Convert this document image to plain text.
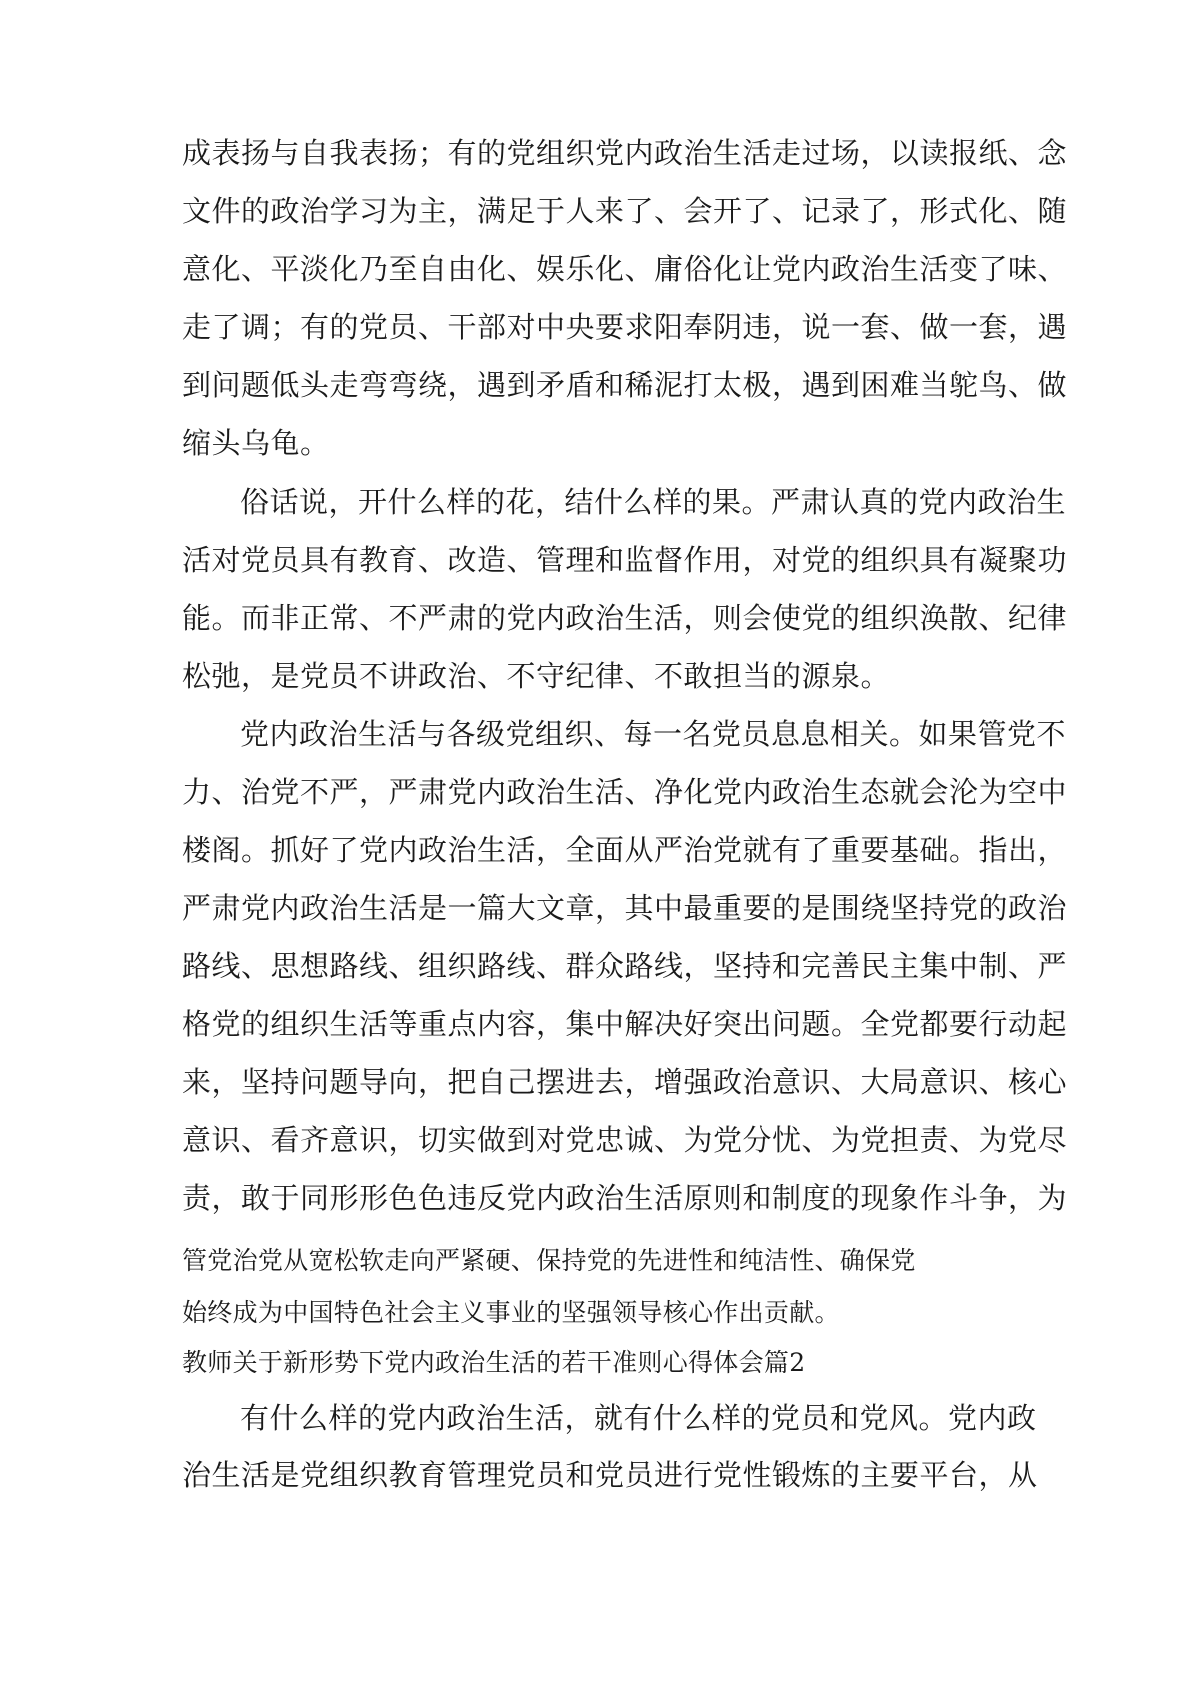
成表扬与自我表扬；有的党组织党内政治生活走过场，以读报纸、念

文件的政治学习为主，满足于人来了、会开了、记录了，形式化、随

意化、平淡化乃至自由化、娱乐化、庸俗化让党内政治生活变了味、

走了调；有的党员、干部对中央要求阳奉阴违，说一套、做一套，遇

到问题低头走弯弯绕，遇到矛盾和稀泥打太极，遇到困难当鸵鸟、做

缩头乌龟。

俗话说，开什么样的花，结什么样的果。严肃认真的党内政治生

活对党员具有教育、改造、管理和监督作用，对党的组织具有凝聚功

能。而非正常、不严肃的党内政治生活，则会使党的组织涣散、纪律

松弛，是党员不讲政治、不守纪律、不敢担当的源泉。

党内政治生活与各级党组织、每一名党员息息相关。如果管党不

力、治党不严，严肃党内政治生活、净化党内政治生态就会沦为空中

楼阁。抓好了党内政治生活，全面从严治党就有了重要基础。指出，

严肃党内政治生活是一篇大文章，其中最重要的是围绕坚持党的政治

路线、思想路线、组织路线、群众路线，坚持和完善民主集中制、严

格党的组织生活等重点内容，集中解决好突出问题。全党都要行动起

来，坚持问题导向，把自己摆进去，增强政治意识、大局意识、核心

意识、看齐意识，切实做到对党忠诚、为党分忧、为党担责、为党尽

责，敢于同形形色色违反党内政治生活原则和制度的现象作斗争，为

管党治党从宽松软走向严紧硬、保持党的先进性和纯洁性、确保党

始终成为中国特色社会主义事业的坚强领导核心作出贡献。

教师关于新形势下党内政治生活的若干准则心得体会篇2

有什么样的党内政治生活，就有什么样的党员和党风。党内政

治生活是党组织教育管理党员和党员进行党性锻炼的主要平台，从
